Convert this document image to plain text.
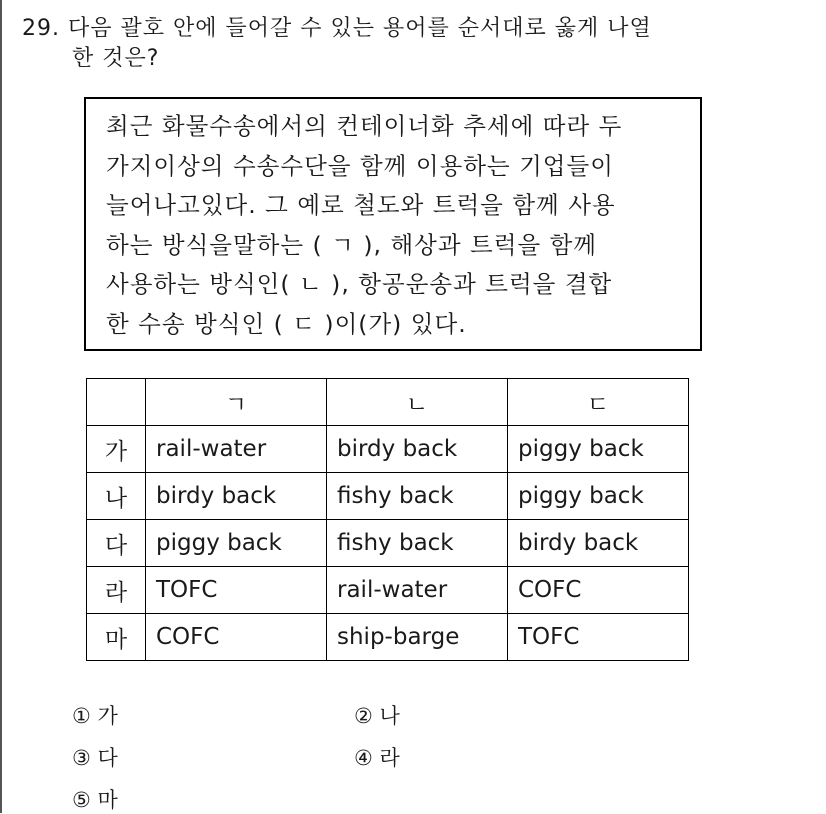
29. 다음 괄호 안에 들어갈 수 있는 용어를 순서대로 옳게 나열
한 것은?
최근 화물수송에서의 컨테이너화 추세에 따라 두
가지이상의 수송수단을 함께 이용하는 기업들이
늘어나고있다. 그 예로 철도와 트럭을 함께 사용
하는 방식을말하는 ( ㄱ ), 해상과 트럭을 함께
사용하는 방식인( ㄴ ), 항공운송과 트럭을 결합
한 수송 방식인 ( ㄷ )이(가) 있다.
	ㄱ	ㄴ	ㄷ
가	rail-water	birdy back	piggy back
나	birdy back	fishy back	piggy back
다	piggy back	fishy back	birdy back
라	TOFC	rail-water	COFC
마	COFC	ship-barge	TOFC
① 가	② 나
③ 다	④ 라
⑤ 마
